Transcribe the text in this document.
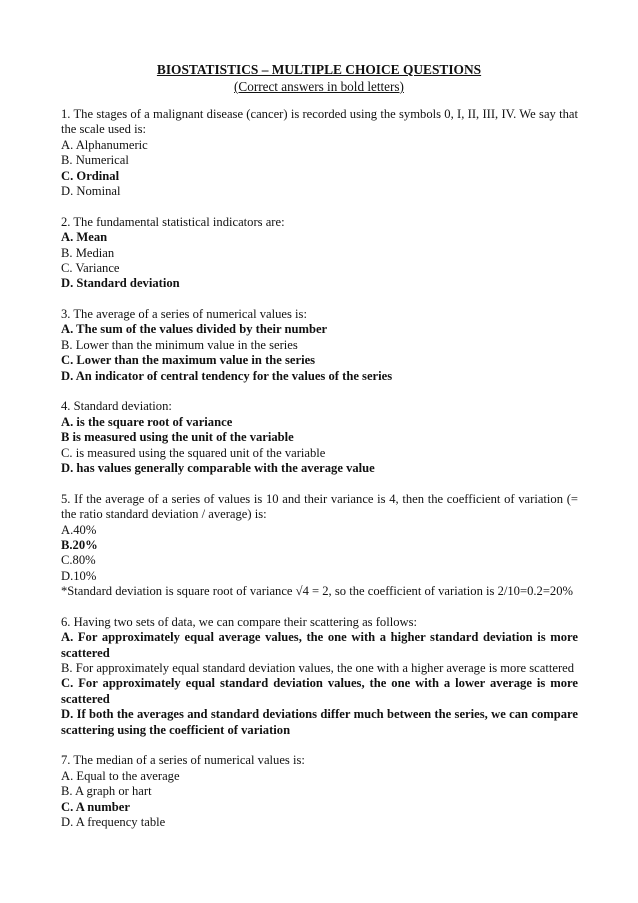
BIOSTATISTICS – MULTIPLE CHOICE QUESTIONS
(Correct answers in bold letters)
1. The stages of a malignant disease (cancer) is recorded using the symbols 0, I, II, III, IV. We say that the scale used is:
A. Alphanumeric
B. Numerical
C. Ordinal
D. Nominal
2. The fundamental statistical indicators are:
A. Mean
B. Median
C. Variance
D. Standard deviation
3. The average of a series of numerical values is:
A. The sum of the values divided by their number
B. Lower than the minimum value in the series
C. Lower than the maximum value in the series
D. An indicator of central tendency for the values of the series
4. Standard deviation:
A. is the square root of variance
B is measured using the unit of the variable
C. is measured using the squared unit of the variable
D. has values generally comparable with the average value
5. If the average of a series of values is 10 and their variance is 4, then the coefficient of variation (= the ratio standard deviation / average) is:
A.40%
B.20%
C.80%
D.10%
*Standard deviation is square root of variance √4 = 2, so the coefficient of variation is 2/10=0.2=20%
6. Having two sets of data, we can compare their scattering as follows:
A. For approximately equal average values, the one with a higher standard deviation is more scattered
B. For approximately equal standard deviation values, the one with a higher average is more scattered
C. For approximately equal standard deviation values, the one with a lower average is more scattered
D. If both the averages and standard deviations differ much between the series, we can compare scattering using the coefficient of variation
7. The median of a series of numerical values is:
A. Equal to the average
B. A graph or hart
C. A number
D. A frequency table
